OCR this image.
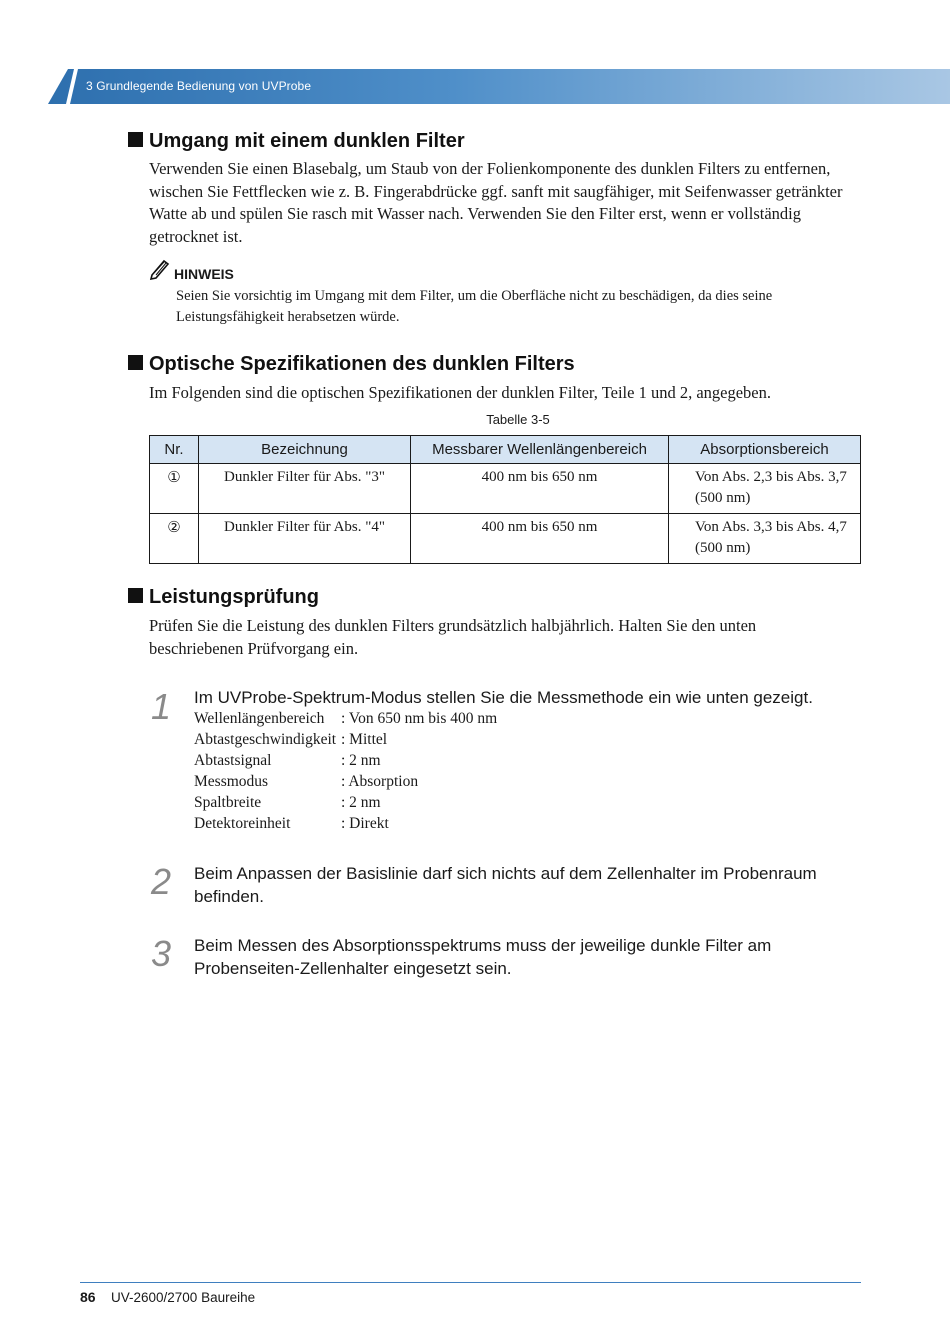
3 Grundlegende Bedienung von UVProbe
Umgang mit einem dunklen Filter
Verwenden Sie einen Blasebalg, um Staub von der Folienkomponente des dunklen Filters zu entfernen, wischen Sie Fettflecken wie z. B. Fingerabdrücke ggf. sanft mit saugfähiger, mit Seifenwasser getränkter Watte ab und spülen Sie rasch mit Wasser nach. Verwenden Sie den Filter erst, wenn er vollständig getrocknet ist.
HINWEIS
Seien Sie vorsichtig im Umgang mit dem Filter, um die Oberfläche nicht zu beschädigen, da dies seine Leistungsfähigkeit herabsetzen würde.
Optische Spezifikationen des dunklen Filters
Im Folgenden sind die optischen Spezifikationen der dunklen Filter, Teile 1 und 2, angegeben.
Tabelle 3-5
Nr.	Bezeichnung	Messbarer Wellenlängenbereich	Absorptionsbereich
①	Dunkler Filter für Abs. "3"	400 nm bis 650 nm	Von Abs. 2,3 bis Abs. 3,7
(500 nm)

②	Dunkler Filter für Abs. "4"	400 nm bis 650 nm	Von Abs. 3,3 bis Abs. 4,7
(500 nm)
Leistungsprüfung
Prüfen Sie die Leistung des dunklen Filters grundsätzlich halbjährlich. Halten Sie den unten beschriebenen Prüfvorgang ein.
1 Im UVProbe-Spektrum-Modus stellen Sie die Messmethode ein wie unten gezeigt.
Wellenlängenbereich : Von 650 nm bis 400 nm
Abtastgeschwindigkeit : Mittel
Abtastsignal	: 2 nm
Messmodus	: Absorption
Spaltbreite	: 2 nm
Detektoreinheit	: Direkt
2 Beim Anpassen der Basislinie darf sich nichts auf dem Zellenhalter im Probenraum befinden.
3 Beim Messen des Absorptionsspektrums muss der jeweilige dunkle Filter am Probenseiten-Zellenhalter eingesetzt sein.
86 UV-2600/2700 Baureihe
